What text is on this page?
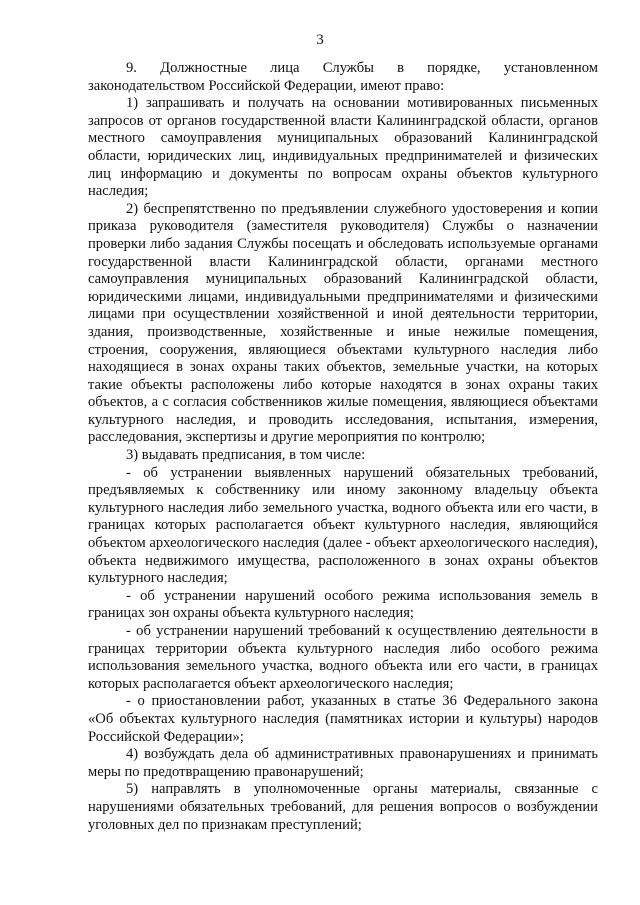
3

9. Должностные лица Службы в порядке, установленном законодательством Российской Федерации, имеют право:

1) запрашивать и получать на основании мотивированных письменных запросов от органов государственной власти Калининградской области, органов местного самоуправления муниципальных образований Калининградской области, юридических лиц, индивидуальных предпринимателей и физических лиц информацию и документы по вопросам охраны объектов культурного наследия;

2) беспрепятственно по предъявлении служебного удостоверения и копии приказа руководителя (заместителя руководителя) Службы о назначении проверки либо задания Службы посещать и обследовать используемые органами государственной власти Калининградской области, органами местного самоуправления муниципальных образований Калининградской области, юридическими лицами, индивидуальными предпринимателями и физическими лицами при осуществлении хозяйственной и иной деятельности территории, здания, производственные, хозяйственные и иные нежилые помещения, строения, сооружения, являющиеся объектами культурного наследия либо находящиеся в зонах охраны таких объектов, земельные участки, на которых такие объекты расположены либо которые находятся в зонах охраны таких объектов, а с согласия собственников жилые помещения, являющиеся объектами культурного наследия, и проводить исследования, испытания, измерения, расследования, экспертизы и другие мероприятия по контролю;

3) выдавать предписания, в том числе:

- об устранении выявленных нарушений обязательных требований, предъявляемых к собственнику или иному законному владельцу объекта культурного наследия либо земельного участка, водного объекта или его части, в границах которых располагается объект культурного наследия, являющийся объектом археологического наследия (далее - объект археологического наследия), объекта недвижимого имущества, расположенного в зонах охраны объектов культурного наследия;

- об устранении нарушений особого режима использования земель в границах зон охраны объекта культурного наследия;

- об устранении нарушений требований к осуществлению деятельности в границах территории объекта культурного наследия либо особого режима использования земельного участка, водного объекта или его части, в границах которых располагается объект археологического наследия;

- о приостановлении работ, указанных в статье 36 Федерального закона «Об объектах культурного наследия (памятниках истории и культуры) народов Российской Федерации»;

4) возбуждать дела об административных правонарушениях и принимать меры по предотвращению правонарушений;

5) направлять в уполномоченные органы материалы, связанные с нарушениями обязательных требований, для решения вопросов о возбуждении уголовных дел по признакам преступлений;
